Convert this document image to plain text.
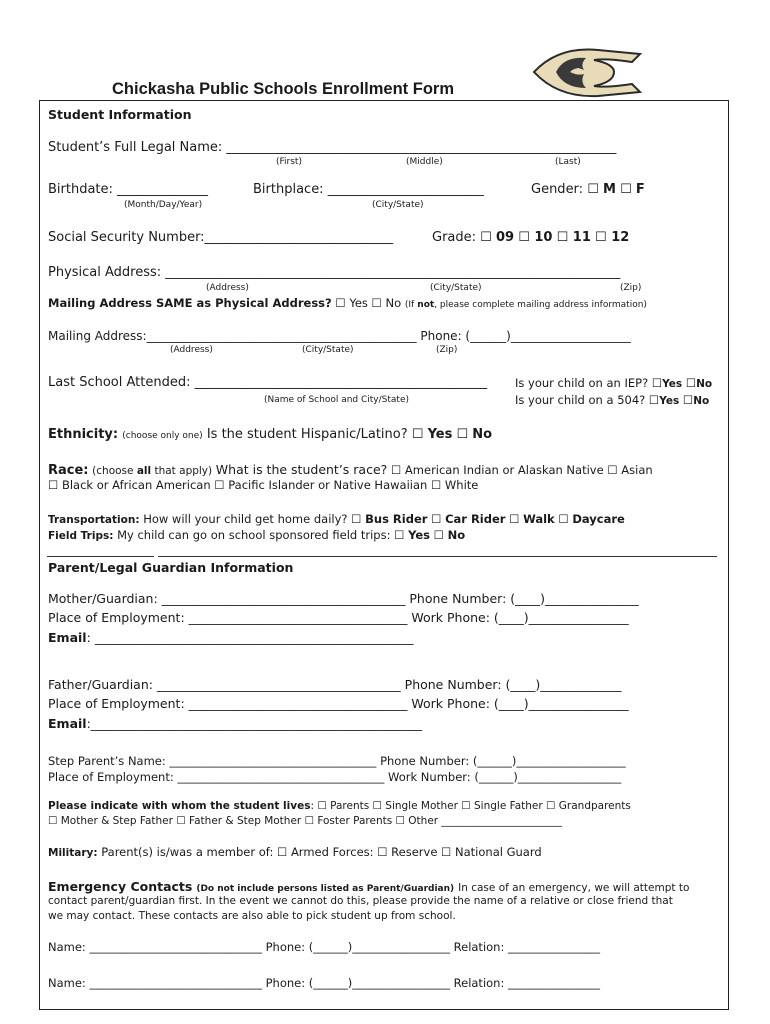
Chickasha Public Schools Enrollment Form
Student Information
Student’s Full Legal Name: ____________________________________________________________
(First)	(Middle)	(Last)
Birthdate: ______________
(Month/Day/Year)
Birthplace: ________________________
(City/State)
Gender: ☐ M ☐ F
Social Security Number:_____________________________	Grade: ☐ 09 ☐ 10 ☐ 11 ☐ 12
Physical Address: ______________________________________________________________________
(Address)	(City/State)	(Zip)
Mailing Address SAME as Physical Address? ☐ Yes ☐ No (If not, please complete mailing address information)
Mailing Address:_____________________________________________ Phone: (______)____________________
(Address)	(City/State)	(Zip)
Last School Attended: _____________________________________________
(Name of School and City/State)
Is your child on an IEP? ☐Yes ☐No
Is your child on a 504? ☐Yes ☐No
Ethnicity: (choose only one) Is the student Hispanic/Latino? ☐ Yes ☐ No
Race: (choose all that apply) What is the student’s race? ☐ American Indian or Alaskan Native ☐ Asian
☐ Black or African American ☐ Pacific Islander or Native Hawaiian ☐ White
Transportation: How will your child get home daily? ☐ Bus Rider ☐ Car Rider ☐ Walk ☐ Daycare
Field Trips: My child can go on school sponsored field trips: ☐ Yes ☐ No
Parent/Legal Guardian Information
Mother/Guardian: _______________________________________ Phone Number: (____)_______________
Place of Employment: ___________________________________ Work Phone: (____)________________
Email: ___________________________________________________
Father/Guardian: _______________________________________ Phone Number: (____)_____________
Place of Employment: ___________________________________ Work Phone: (____)________________
Email:_____________________________________________________
Step Parent’s Name: ____________________________________ Phone Number: (______)___________________
Place of Employment: ____________________________________ Work Number: (______)__________________
Please indicate with whom the student lives: ☐ Parents ☐ Single Mother ☐ Single Father ☐ Grandparents
☐ Mother & Step Father ☐ Father & Step Mother ☐ Foster Parents ☐ Other _______________________
Military: Parent(s) is/was a member of: ☐ Armed Forces: ☐ Reserve ☐ National Guard
Emergency Contacts (Do not include persons listed as Parent/Guardian) In case of an emergency, we will attempt to
contact parent/guardian first. In the event we cannot do this, please provide the name of a relative or close friend that
we may contact. These contacts are also able to pick student up from school.
Name: ______________________________ Phone: (______)_________________ Relation: ________________
Name: ______________________________ Phone: (______)_________________ Relation: ________________
